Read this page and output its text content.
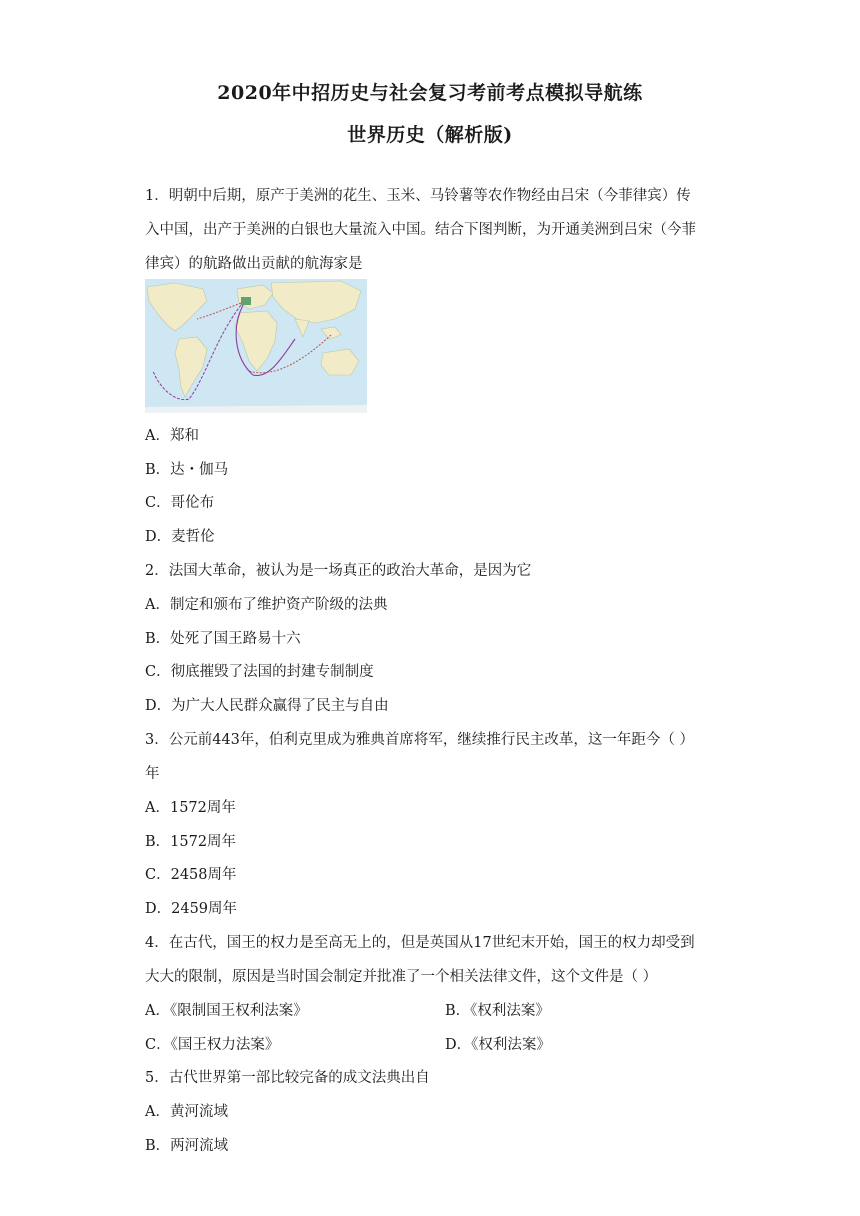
2020年中招历史与社会复习考前考点模拟导航练
世界历史（解析版)
1．明朝中后期，原产于美洲的花生、玉米、马铃薯等农作物经由吕宋（今菲律宾）传
入中国，出产于美洲的白银也大量流入中国。结合下图判断，为开通美洲到吕宋（今菲
律宾）的航路做出贡献的航海家是
A．郑和
B．达・伽马
C．哥伦布
D．麦哲伦
2．法国大革命，被认为是一场真正的政治大革命，是因为它
A．制定和颁布了维护资产阶级的法典
B．处死了国王路易十六
C．彻底摧毁了法国的封建专制制度
D．为广大人民群众赢得了民主与自由
3．公元前443年，伯利克里成为雅典首席将军，继续推行民主改革，这一年距今（ ）
年
A．1572周年
B．1572周年
C．2458周年
D．2459周年
4．在古代，国王的权力是至高无上的，但是英国从17世纪末开始，国王的权力却受到
大大的限制，原因是当时国会制定并批准了一个相关法律文件，这个文件是（ ）
A．《限制国王权利法案》	B．《权利法案》
C．《国王权力法案》	D．《权利法案》
5．古代世界第一部比较完备的成文法典出自
A．黄河流域
B．两河流域
